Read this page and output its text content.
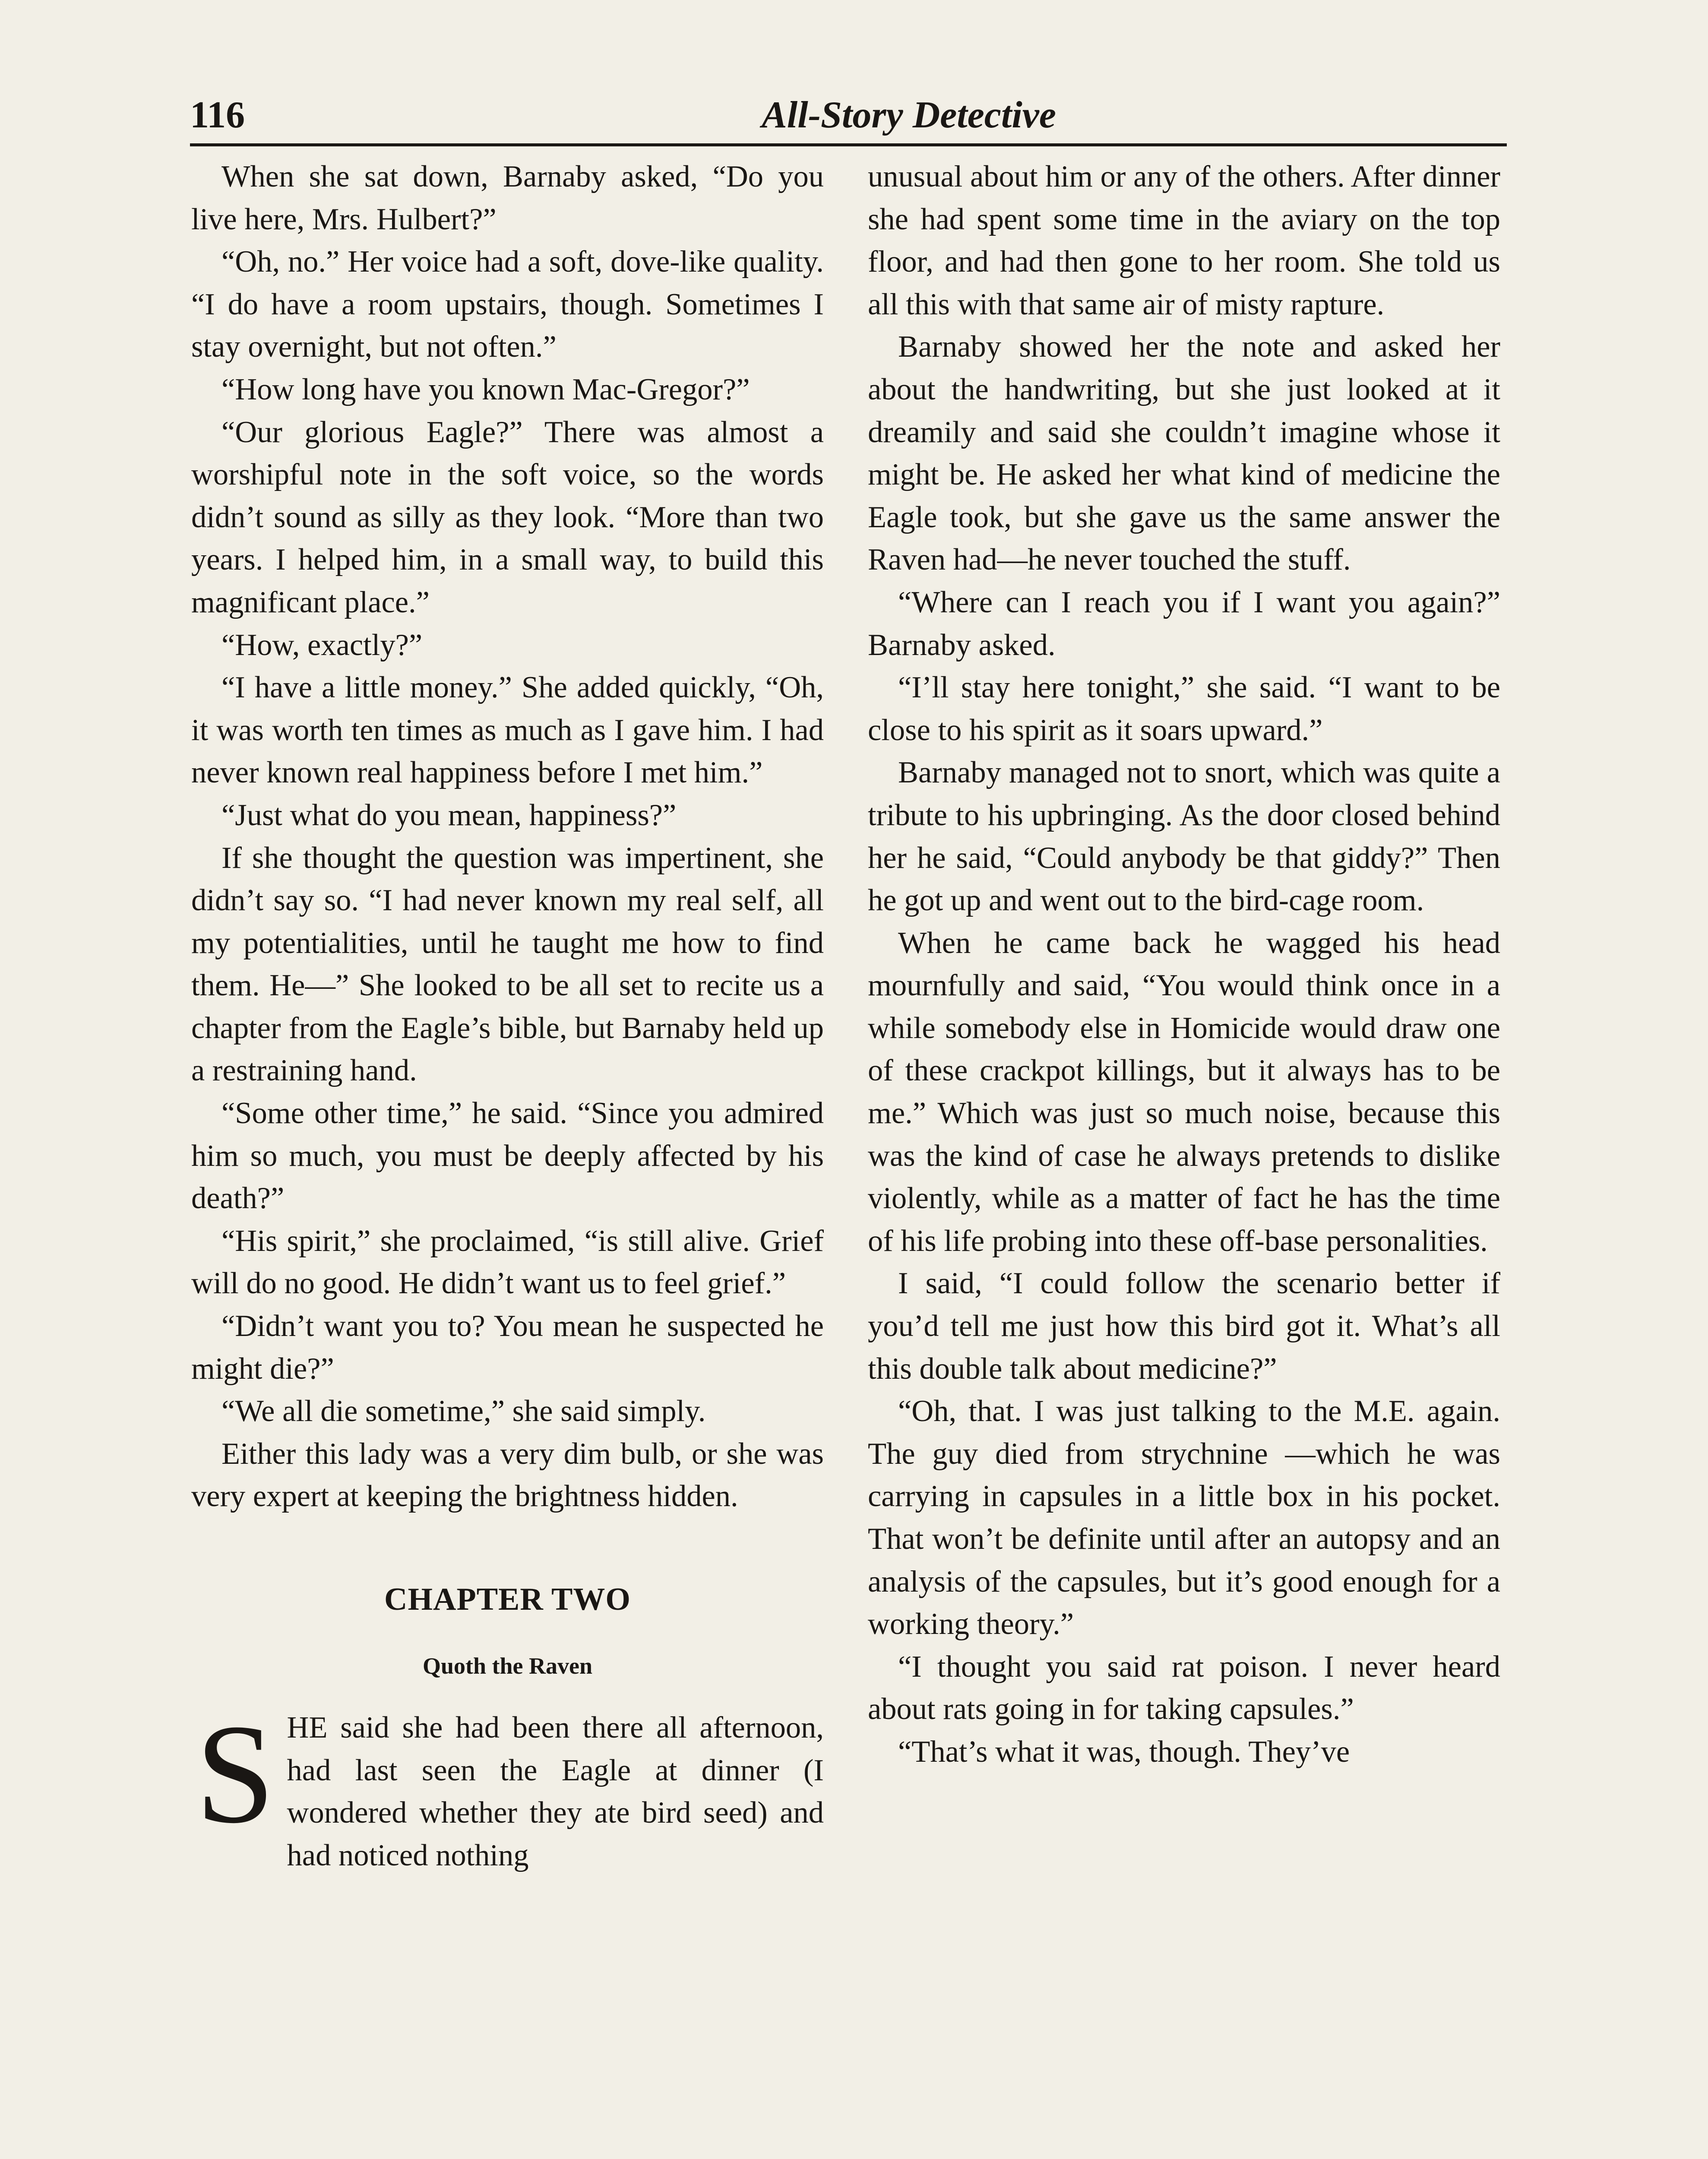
116	All-Story Detective

When she sat down, Barnaby asked, “Do you live here, Mrs. Hulbert?”

“Oh, no.” Her voice had a soft, dove-like quality. “I do have a room upstairs, though. Sometimes I stay overnight, but not often.”

“How long have you known Mac-Gregor?”

“Our glorious Eagle?” There was almost a worshipful note in the soft voice, so the words didn’t sound as silly as they look. “More than two years. I helped him, in a small way, to build this magnificant place.”

“How, exactly?”

“I have a little money.” She added quickly, “Oh, it was worth ten times as much as I gave him. I had never known real happiness before I met him.”

“Just what do you mean, happiness?”

If she thought the question was impertinent, she didn’t say so. “I had never known my real self, all my potentialities, until he taught me how to find them. He—” She looked to be all set to recite us a chapter from the Eagle’s bible, but Barnaby held up a restraining hand.

“Some other time,” he said. “Since you admired him so much, you must be deeply affected by his death?”

“His spirit,” she proclaimed, “is still alive. Grief will do no good. He didn’t want us to feel grief.”

“Didn’t want you to? You mean he suspected he might die?”

“We all die sometime,” she said simply.

Either this lady was a very dim bulb, or she was very expert at keeping the brightness hidden.

CHAPTER TWO
Quoth the Raven

SHE said she had been there all afternoon, had last seen the Eagle at dinner (I wondered whether they ate bird seed) and had noticed nothing

unusual about him or any of the others. After dinner she had spent some time in the aviary on the top floor, and had then gone to her room. She told us all this with that same air of misty rapture.

Barnaby showed her the note and asked her about the handwriting, but she just looked at it dreamily and said she couldn’t imagine whose it might be. He asked her what kind of medicine the Eagle took, but she gave us the same answer the Raven had—he never touched the stuff.

“Where can I reach you if I want you again?” Barnaby asked.

“I’ll stay here tonight,” she said. “I want to be close to his spirit as it soars upward.”

Barnaby managed not to snort, which was quite a tribute to his upbringing. As the door closed behind her he said, “Could anybody be that giddy?” Then he got up and went out to the bird-cage room.

When he came back he wagged his head mournfully and said, “You would think once in a while somebody else in Homicide would draw one of these crackpot killings, but it always has to be me.” Which was just so much noise, because this was the kind of case he always pretends to dislike violently, while as a matter of fact he has the time of his life probing into these off-base personalities.

I said, “I could follow the scenario better if you’d tell me just how this bird got it. What’s all this double talk about medicine?”

“Oh, that. I was just talking to the M.E. again. The guy died from strychnine —which he was carrying in capsules in a little box in his pocket. That won’t be definite until after an autopsy and an analysis of the capsules, but it’s good enough for a working theory.”

“I thought you said rat poison. I never heard about rats going in for taking capsules.”

“That’s what it was, though. They’ve
